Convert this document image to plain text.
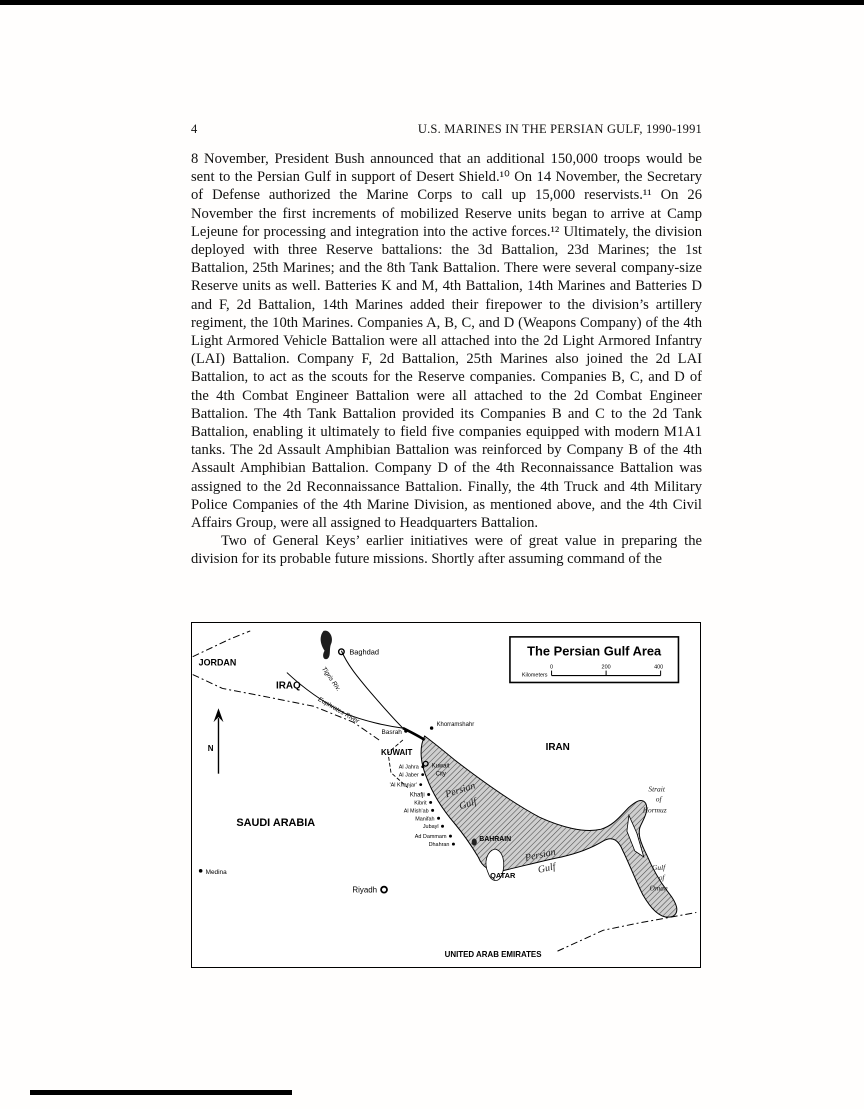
4	U.S. MARINES IN THE PERSIAN GULF, 1990-1991

8 November, President Bush announced that an additional 150,000 troops would be sent to the Persian Gulf in support of Desert Shield.¹⁰ On 14 November, the Secretary of Defense authorized the Marine Corps to call up 15,000 reservists.¹¹ On 26 November the first increments of mobilized Reserve units began to arrive at Camp Lejeune for processing and integration into the active forces.¹² Ultimately, the division deployed with three Reserve battalions: the 3d Battalion, 23d Marines; the 1st Battalion, 25th Marines; and the 8th Tank Battalion. There were several company-size Reserve units as well. Batteries K and M, 4th Battalion, 14th Marines and Batteries D and F, 2d Battalion, 14th Marines added their firepower to the division’s artillery regiment, the 10th Marines. Companies A, B, C, and D (Weapons Company) of the 4th Light Armored Vehicle Battalion were all attached into the 2d Light Armored Infantry (LAI) Battalion. Company F, 2d Battalion, 25th Marines also joined the 2d LAI Battalion, to act as the scouts for the Reserve companies. Companies B, C, and D of the 4th Combat Engineer Battalion were all attached to the 2d Combat Engineer Battalion. The 4th Tank Battalion provided its Companies B and C to the 2d Tank Battalion, enabling it ultimately to field five companies equipped with modern M1A1 tanks. The 2d Assault Amphibian Battalion was reinforced by Company B of the 4th Assault Amphibian Battalion. Company D of the 4th Reconnaissance Battalion was assigned to the 2d Reconnaissance Battalion. Finally, the 4th Truck and 4th Military Police Companies of the 4th Marine Division, as mentioned above, and the 4th Civil Affairs Group, were all assigned to Headquarters Battalion.

Two of General Keys’ earlier initiatives were of great value in preparing the division for its probable future missions. Shortly after assuming command of the

N
The Persian Gulf Area
Kilometers
0	200	400
JORDAN
IRAQ
IRAN
KUWAIT
SAUDI ARABIA
BAHRAIN
QATAR
UNITED ARAB EMIRATES
Baghdad
Basrah
Khorramshahr
Kuwait
City
Al Jahra
Al Jaber
'Al Khanjar'
Khafji
Kibrit
Al Mish'ab
Manifah
Jubayl
Ad Dammam
Dhahran
Medina
Riyadh
Persian
Gulf
Persian
Gulf
Strait
of
Hormuz
Gulf
of
Oman
Tigris Riv.
Euphrates River
